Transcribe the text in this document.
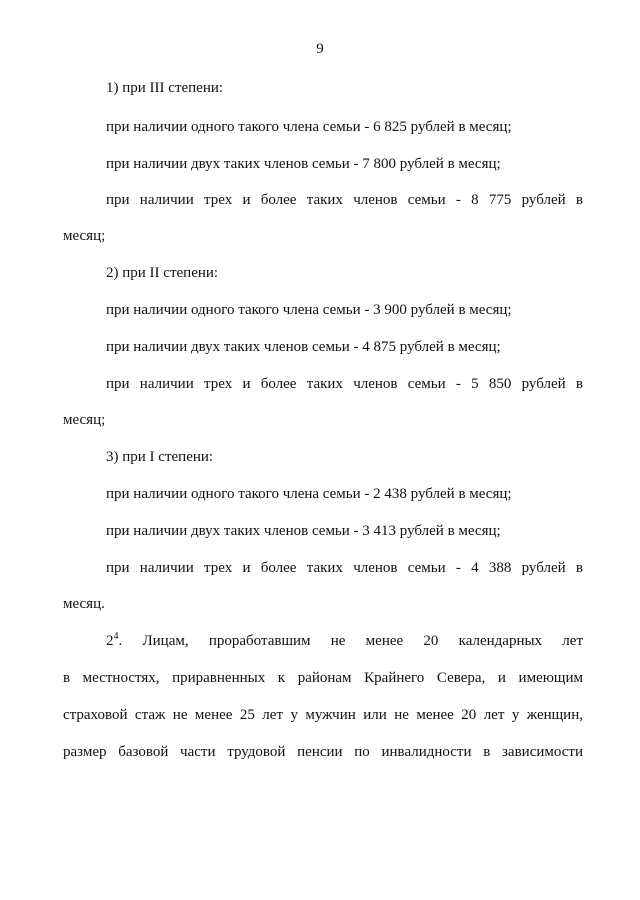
9
1) при III степени:
при наличии одного такого члена семьи - 6 825 рублей в месяц;
при наличии двух таких членов семьи - 7 800 рублей в месяц;
при наличии трех и более таких членов семьи - 8 775 рублей в
месяц;
2) при II степени:
при наличии одного такого члена семьи - 3 900 рублей в месяц;
при наличии двух таких членов семьи - 4 875 рублей в месяц;
при наличии трех и более таких членов семьи - 5 850 рублей в
месяц;
3) при I степени:
при наличии одного такого члена семьи - 2 438 рублей в месяц;
при наличии двух таких членов семьи - 3 413 рублей в месяц;
при наличии трех и более таких членов семьи - 4 388 рублей в
месяц.
$2^4$. Лицам, проработавшим не менее 20 календарных лет
в местностях, приравненных к районам Крайнего Севера, и имеющим
страховой стаж не менее 25 лет у мужчин или не менее 20 лет у женщин,
размер базовой части трудовой пенсии по инвалидности в зависимости
